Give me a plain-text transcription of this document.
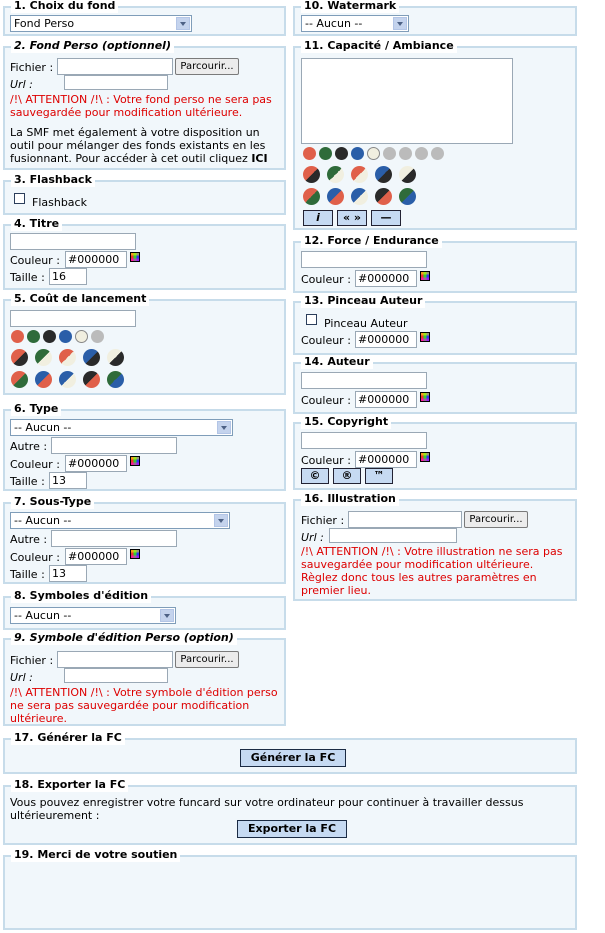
1. Choix du fond
Fond Perso
2. Fond Perso (optionnel)
Fichier :	Parcourir...
Url :
/!\ ATTENTION /!\ : Votre fond perso ne sera pas sauvegardée pour modification ultérieure.
La SMF met également à votre disposition un outil pour mélanger des fonds existants en les fusionnant. Pour accéder à cet outil cliquez ICI
3. Flashback
Flashback
4. Titre
Couleur :
#000000
Taille :
16
5. Coût de lancement
6. Type
-- Aucun --
Autre :
Couleur :
#000000
Taille :
13
7. Sous-Type
-- Aucun --
Autre :
Couleur :
#000000
Taille :
13
8. Symboles d'édition
-- Aucun --
9. Symbole d'édition Perso (option)
Fichier :	Parcourir...
Url :
/!\ ATTENTION /!\ : Votre symbole d'édition perso ne sera pas sauvegardée pour modification ultérieure.
10. Watermark
-- Aucun --
11. Capacité / Ambiance
i	« »	—
12. Force / Endurance
Couleur :
#000000
13. Pinceau Auteur
Pinceau Auteur
Couleur :
#000000
14. Auteur
Couleur :
#000000
15. Copyright
Couleur :
#000000
©	®	™
16. Illustration
Fichier :	Parcourir...
Url :
/!\ ATTENTION /!\ : Votre illustration ne sera pas sauvegardée pour modification ultérieure. Règlez donc tous les autres paramètres en premier lieu.
17. Générer la FC
Générer la FC
18. Exporter la FC
Vous pouvez enregistrer votre funcard sur votre ordinateur pour continuer à travailler dessus ultérieurement :
Exporter la FC
19. Merci de votre soutien
